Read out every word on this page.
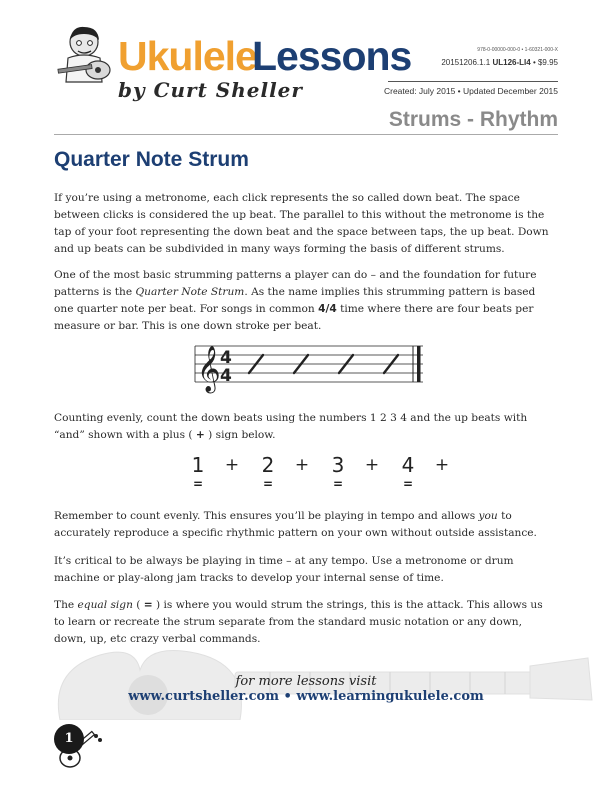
Ukulele
Lessons
by Curt Sheller
978-0-00000-000-0 • 1-60321-000-X
20151206.1.1 UL126-LI4 • $9.95
Created: July 2015 • Updated December 2015
Strums - Rhythm
Quarter Note Strum
If you’re using a metronome, each click represents the so called down beat. The space between clicks is considered the up beat. The parallel to this without the metronome is the tap of your foot representing the down beat and the space between taps, the up beat. Down and up beats can be subdivided in many ways forming the basis of different strums.
One of the most basic strumming patterns a player can do – and the foundation for future patterns is the Quarter Note Strum. As the name implies this strumming pattern is based one quarter note per beat. For songs in common 4/4 time where there are four beats per measure or bar. This is one down stroke per beat.
𝄞 4
4
Counting evenly, count the down beats using the numbers 1 2 3 4 and the up beats with “and” shown with a plus ( + ) sign below.
1 +
=
2 +
=
3 +
=
4 +
=
Remember to count evenly. This ensures you’ll be playing in tempo and allows you to accurately reproduce a specific rhythmic pattern on your own without outside assistance.
It’s critical to be always be playing in time – at any tempo. Use a metronome or drum machine or play-along jam tracks to develop your internal sense of time.
The equal sign ( = ) is where you would strum the strings, this is the attack. This allows us to learn or recreate the strum separate from the standard music notation or any down, down, up, etc crazy verbal commands.
for more lessons visit
www.curtsheller.com • www.learningukulele.com
1
